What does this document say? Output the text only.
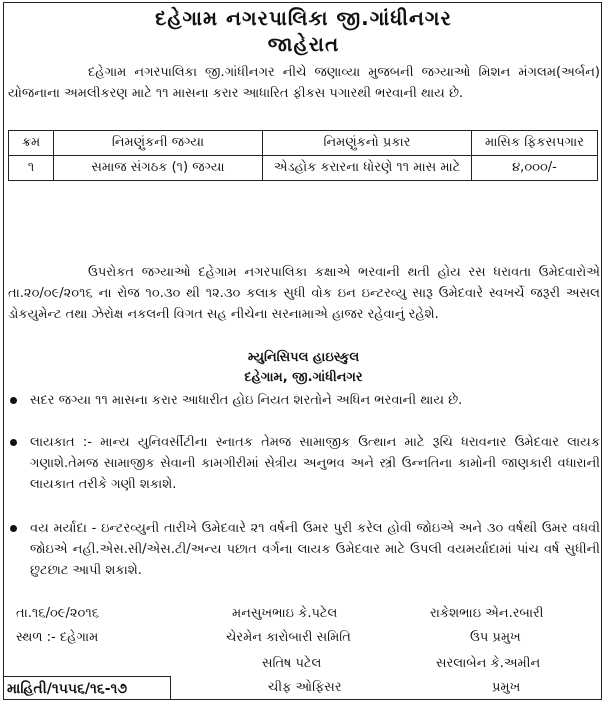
દહેગામ નગરપાલિકા જી.ગાંધીનગર
જાહેરાત
દહેગામ નગરપાલિકા જી.ગાંધીનગર નીચે જણાવ્યા મુજબની જગ્યાઓ મિશન મંગલમ(અર્બન) યોજનાના અમલીકરણ માટે ૧૧ માસના કરાર આધારિત ફીકસ પગારથી ભરવાની થાય છે.
ક્રમ	નિમણુંકની જગ્યા	નિમણુંકનો પ્રકાર	માસિક ફિકસપગાર
૧	સમાજ સંગઠક (૧) જગ્યા	એડહોક કરારના ધોરણે ૧૧ માસ માટે	૪,૦૦૦/-
ઉપરોકત જગ્યાઓ દહેગામ નગરપાલિકા કક્ષાએ ભરવાની થતી હોય રસ ધરાવતા ઉમેદવારોએ તા.૨૦/૦૯/૨૦૧૬ ના રોજ ૧૦.૩૦ થી ૧૨.૩૦ કલાક સુધી વોક ઇન ઇન્ટરવ્યુ સારૂ ઉમેદવારે સ્વખર્ચે જરૂરી અસલ ડોકયુમેન્ટ તથા ઝેરોક્ષ નકલની વિગત સહ નીચેના સરનામાએ હાજર રહેવાનું રહેશે.
મ્યુનિસિપલ હાઇસ્કુલ
દહેગામ, જી.ગાંધીનગર
સદર જગ્યા ૧૧ માસના કરાર આધારીત હોઇ નિયત શરતોને અધિન ભરવાની થાય છે.
લાયકાત :- માન્ય યુનિવર્સીટીના સ્નાતક તેમજ સામાજીક ઉત્થાન માટે રૂચિ ધરાવનાર ઉમેદવાર લાયક ગણાશે.તેમજ સામાજીક સેવાની કામગીરીમાં સેત્રીય અનુભવ અને સ્ત્રી ઉન્નતિના કામોની જાણકારી વધારાની લાયકાત તરીકે ગણી શકાશે.
વય મર્યાદા - ઇન્ટરવ્યુની તારીખે ઉમેદવારે ૨૧ વર્ષની ઉમર પુરી કરેલ હોવી જોઇએ અને ૩૦ વર્ષથી ઉમર વધવી જોઇએ નહી.એસ.સી/એસ.ટી/અન્ય પછાત વર્ગના લાયક ઉમેદવાર માટે ઉપલી વયમર્યાદામાં પાંચ વર્ષ સુધીની છુટછાટ આપી શકાશે.
તા.૧૬/૦૯/૨૦૧૬
સ્થળ :- દહેગામ
મનસુખભાઇ કે.પટેલ
ચેરમેન કારોબારી સમિતિ
રાકેશભાઇ એન.રબારી
ઉપ પ્રમુખ
સતિષ પટેલ
ચીફ ઓફિસર
સરલાબેન કે.અમીન
પ્રમુખ
માહિતી/૧૫૫૬/૧૬-૧૭
